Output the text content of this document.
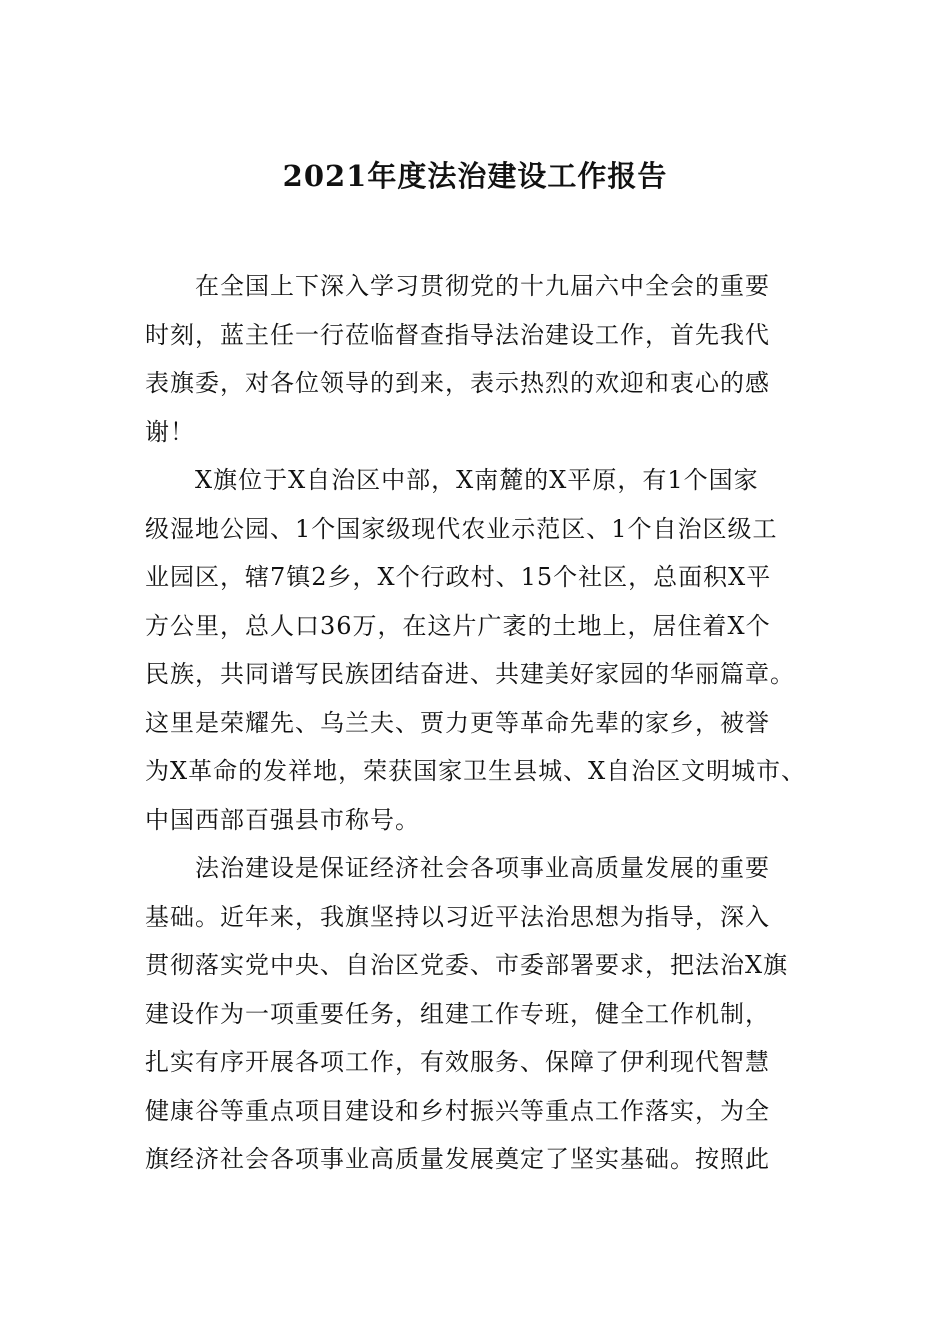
2021年度法治建设工作报告
在全国上下深入学习贯彻党的十九届六中全会的重要
时刻，蓝主任一行莅临督查指导法治建设工作，首先我代
表旗委，对各位领导的到来，表示热烈的欢迎和衷心的感
谢！
X旗位于X自治区中部，X南麓的X平原，有1个国家
级湿地公园、1个国家级现代农业示范区、1个自治区级工
业园区，辖7镇2乡，X个行政村、15个社区，总面积X平
方公里，总人口36万，在这片广袤的土地上，居住着X个
民族，共同谱写民族团结奋进、共建美好家园的华丽篇章。
这里是荣耀先、乌兰夫、贾力更等革命先辈的家乡，被誉
为X革命的发祥地，荣获国家卫生县城、X自治区文明城市、
中国西部百强县市称号。
法治建设是保证经济社会各项事业高质量发展的重要
基础。近年来，我旗坚持以习近平法治思想为指导，深入
贯彻落实党中央、自治区党委、市委部署要求，把法治X旗
建设作为一项重要任务，组建工作专班，健全工作机制，
扎实有序开展各项工作，有效服务、保障了伊利现代智慧
健康谷等重点项目建设和乡村振兴等重点工作落实，为全
旗经济社会各项事业高质量发展奠定了坚实基础。按照此
